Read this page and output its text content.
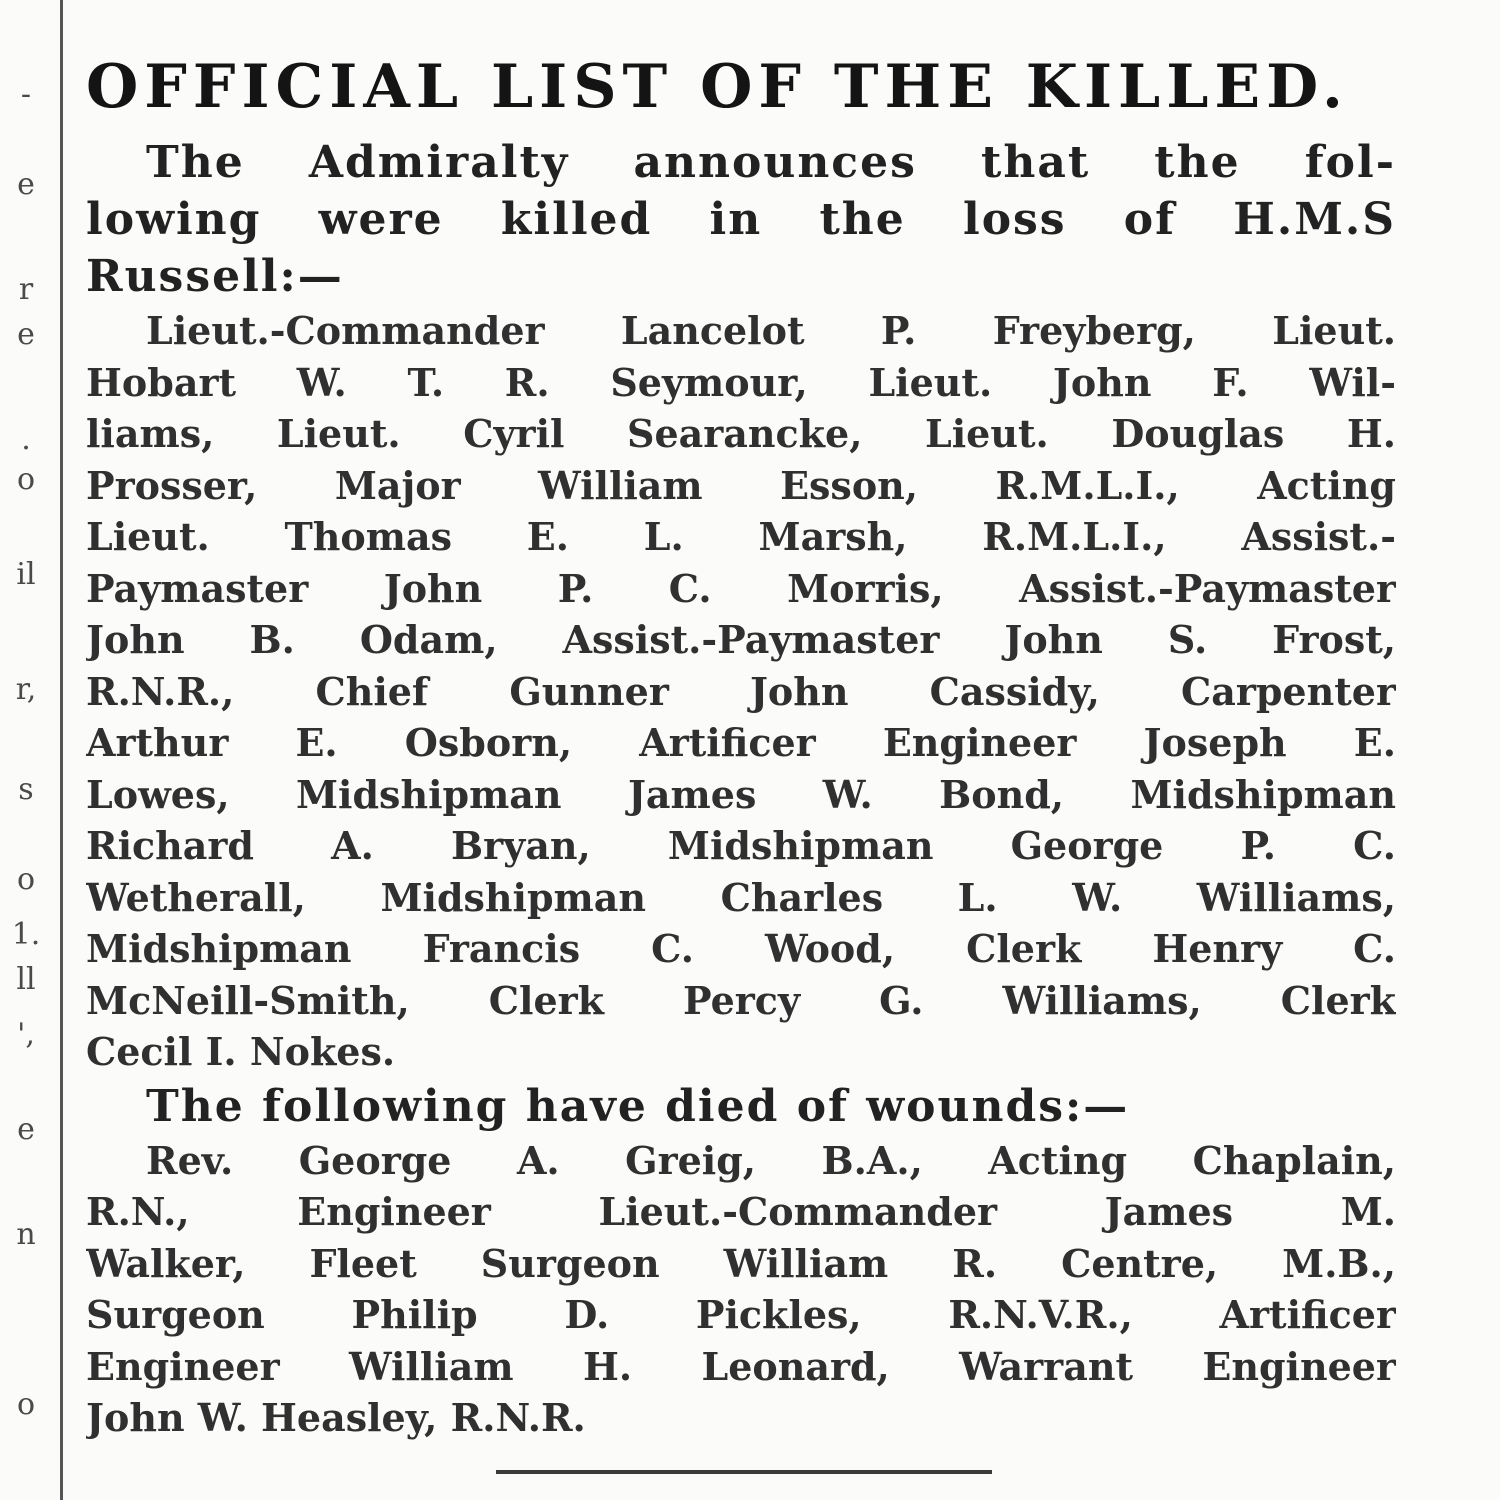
-
e
r
e
.
o
il
r,
s
o
1.
ll
',
e
n
o
OFFICIAL LIST OF THE KILLED.
The Admiralty announces that the fol-
lowing were killed in the loss of H.M.S
Russell:—
Lieut.-Commander Lancelot P. Freyberg, Lieut.
Hobart W. T. R. Seymour, Lieut. John F. Wil-
liams, Lieut. Cyril Searancke, Lieut. Douglas H.
Prosser, Major William Esson, R.M.L.I., Acting
Lieut. Thomas E. L. Marsh, R.M.L.I., Assist.-
Paymaster John P. C. Morris, Assist.-Paymaster
John B. Odam, Assist.-Paymaster John S. Frost,
R.N.R., Chief Gunner John Cassidy, Carpenter
Arthur E. Osborn, Artificer Engineer Joseph E.
Lowes, Midshipman James W. Bond, Midshipman
Richard A. Bryan, Midshipman George P. C.
Wetherall, Midshipman Charles L. W. Williams,
Midshipman Francis C. Wood, Clerk Henry C.
McNeill-Smith, Clerk Percy G. Williams, Clerk
Cecil I. Nokes.
The following have died of wounds:—
Rev. George A. Greig, B.A., Acting Chaplain,
R.N., Engineer Lieut.-Commander James M.
Walker, Fleet Surgeon William R. Centre, M.B.,
Surgeon Philip D. Pickles, R.N.V.R., Artificer
Engineer William H. Leonard, Warrant Engineer
John W. Heasley, R.N.R.
